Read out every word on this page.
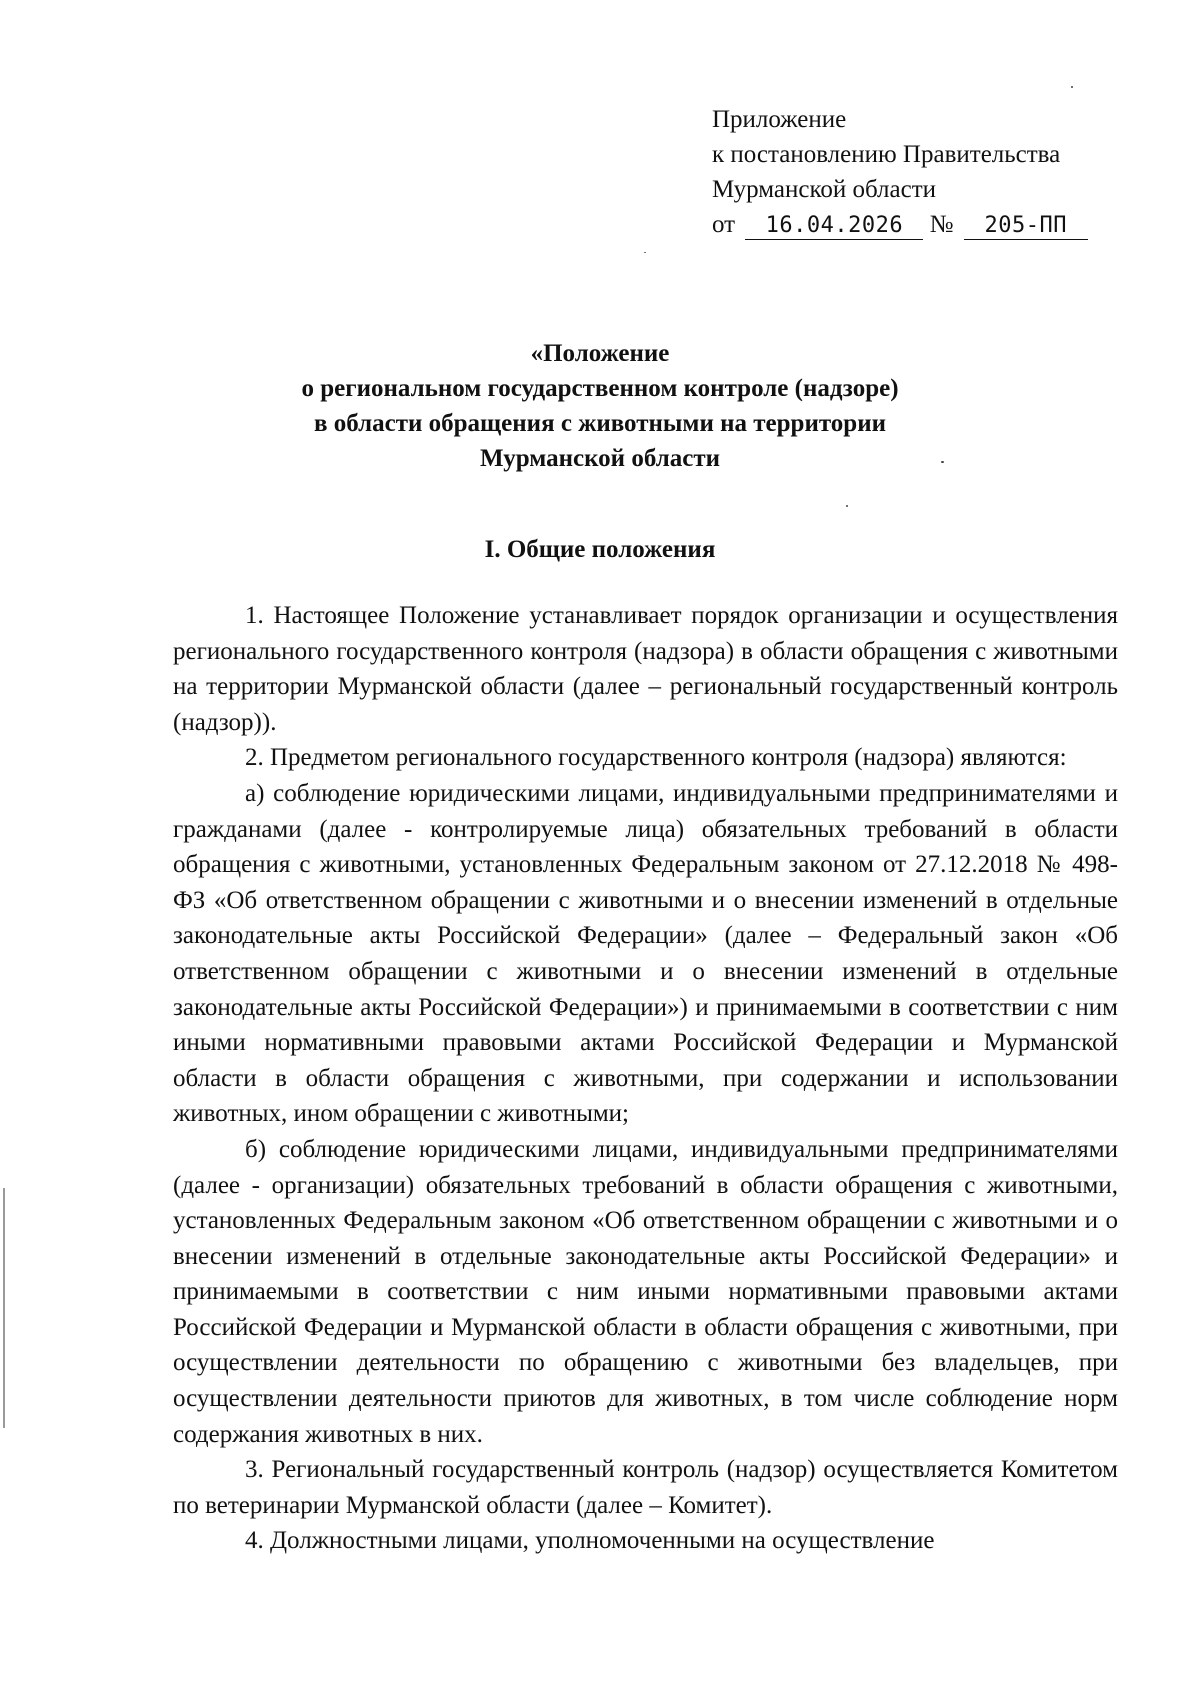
Приложение
к постановлению Правительства
Мурманской области
от 16.04.2026 № 205-ПП
«Положение
о региональном государственном контроле (надзоре)
в области обращения с животными на территории
Мурманской области
I. Общие положения

1. Настоящее Положение устанавливает порядок организации и осуществления регионального государственного контроля (надзора) в области обращения с животными на территории Мурманской области (далее – региональный государственный контроль (надзор)).

2. Предметом регионального государственного контроля (надзора) являются:

а) соблюдение юридическими лицами, индивидуальными предпринимателями и гражданами (далее - контролируемые лица) обязательных требований в области обращения с животными, установленных Федеральным законом от 27.12.2018 № 498-ФЗ «Об ответственном обращении с животными и о внесении изменений в отдельные законодательные акты Российской Федерации» (далее – Федеральный закон «Об ответственном обращении с животными и о внесении изменений в отдельные законодательные акты Российской Федерации») и принимаемыми в соответствии с ним иными нормативными правовыми актами Российской Федерации и Мурманской области в области обращения с животными, при содержании и использовании животных, ином обращении с животными;

б) соблюдение юридическими лицами, индивидуальными предпринимателями (далее - организации) обязательных требований в области обращения с животными, установленных Федеральным законом «Об ответственном обращении с животными и о внесении изменений в отдельные законодательные акты Российской Федерации» и принимаемыми в соответствии с ним иными нормативными правовыми актами Российской Федерации и Мурманской области в области обращения с животными, при осуществлении деятельности по обращению с животными без владельцев, при осуществлении деятельности приютов для животных, в том числе соблюдение норм содержания животных в них.

3. Региональный государственный контроль (надзор) осуществляется Комитетом по ветеринарии Мурманской области (далее – Комитет).

4. Должностными лицами, уполномоченными на осуществление
